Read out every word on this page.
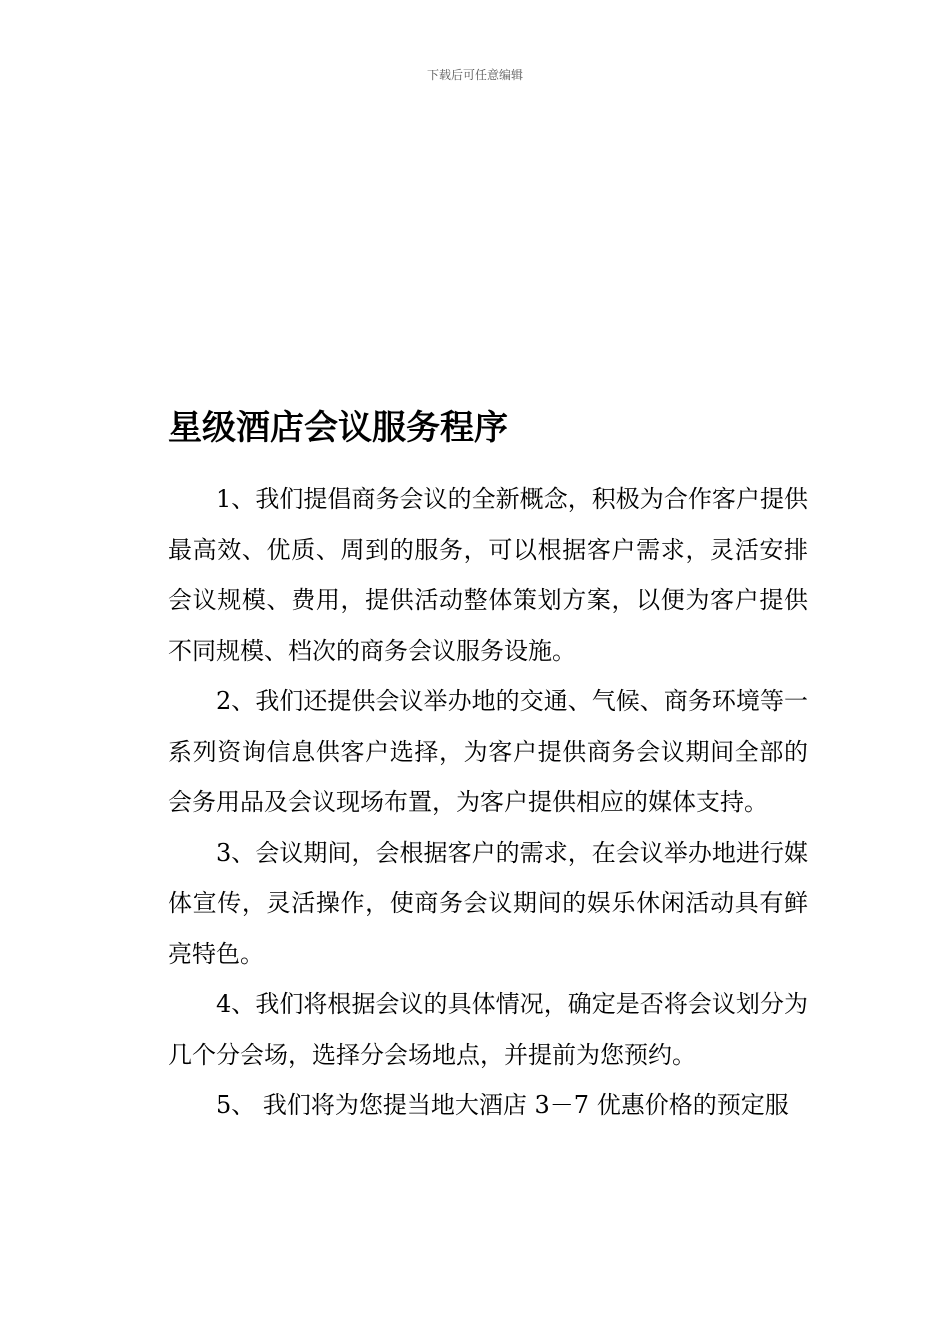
下载后可任意编辑
星级酒店会议服务程序

1、我们提倡商务会议的全新概念，积极为合作客户提供最高效、优质、周到的服务，可以根据客户需求，灵活安排会议规模、费用，提供活动整体策划方案，以便为客户提供不同规模、档次的商务会议服务设施。

2、我们还提供会议举办地的交通、气候、商务环境等一系列资询信息供客户选择，为客户提供商务会议期间全部的会务用品及会议现场布置，为客户提供相应的媒体支持。

3、会议期间，会根据客户的需求，在会议举办地进行媒体宣传，灵活操作，使商务会议期间的娱乐休闲活动具有鲜亮特色。

4、我们将根据会议的具体情况，确定是否将会议划分为几个分会场，选择分会场地点，并提前为您预约。

5、 我们将为您提当地大酒店 3－7 优惠价格的预定服
